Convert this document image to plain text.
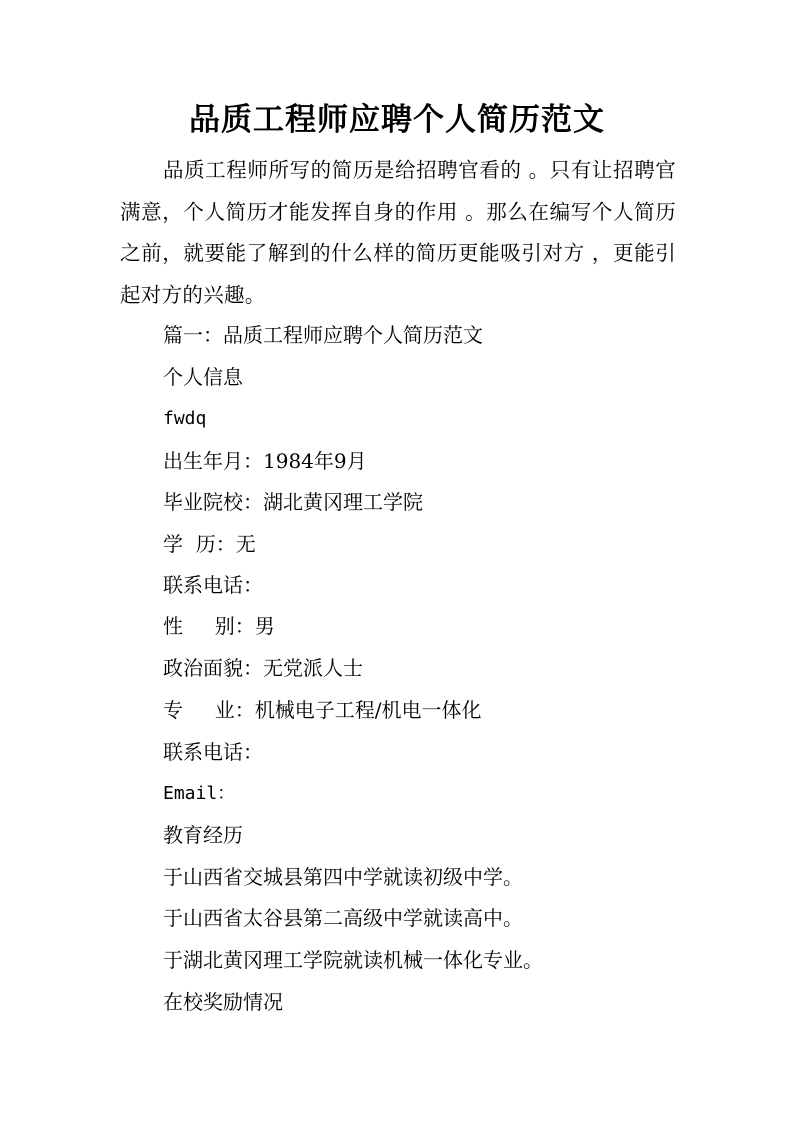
品质工程师应聘个人简历范文

品质工程师所写的简历是给招聘官看的 。只有让招聘官满意，个人简历才能发挥自身的作用 。那么在编写个人简历之前，就要能了解到的什么样的简历更能吸引对方 ，更能引起对方的兴趣。

篇一：品质工程师应聘个人简历范文

个人信息

fwdq

出生年月：1984年9月

毕业院校：湖北黄冈理工学院

学  历：无

联系电话：

性     别：男

政治面貌：无党派人士

专     业：机械电子工程/机电一体化

联系电话：

Email：

教育经历

于山西省交城县第四中学就读初级中学。

于山西省太谷县第二高级中学就读高中。

于湖北黄冈理工学院就读机械一体化专业。

在校奖励情况
